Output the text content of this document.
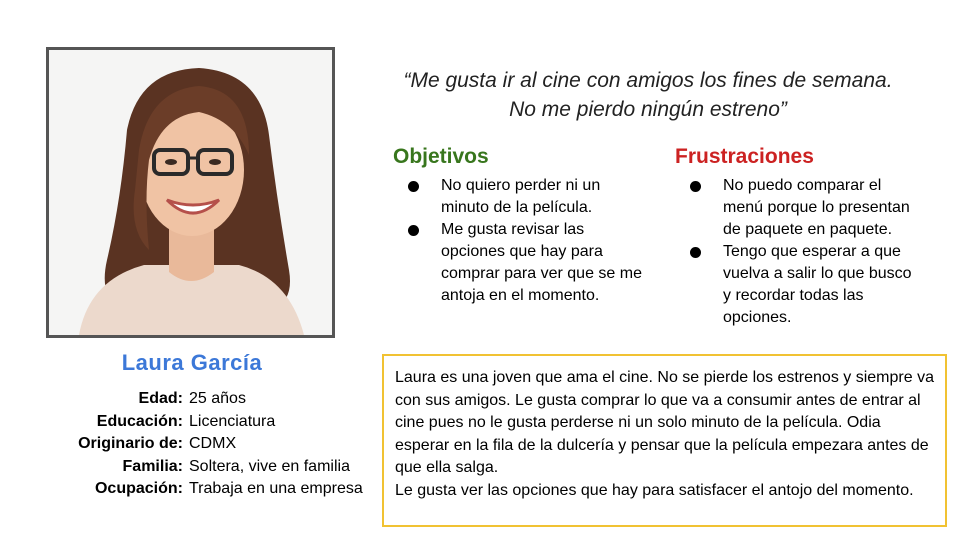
Laura García
Edad: 25 años
Educación: Licenciatura
Originario de: CDMX
Familia: Soltera, vive en familia
Ocupación: Trabaja en una empresa
“Me gusta ir al cine con amigos los fines de semana. No me pierdo ningún estreno”
Objetivos
No quiero perder ni un minuto de la película.
Me gusta revisar las opciones que hay para comprar para ver que se me antoja en el momento.
Frustraciones
No puedo comparar el menú porque lo presentan de paquete en paquete.
Tengo que esperar a que vuelva a salir lo que busco y recordar todas las opciones.

Laura es una joven que ama el cine. No se pierde los estrenos y siempre va con sus amigos. Le gusta comprar lo que va a consumir antes de entrar al cine pues no le gusta perderse ni un solo minuto de la película. Odia esperar en la fila de la dulcería y pensar que la película empezara antes de que ella salga.

Le gusta ver las opciones que hay para satisfacer el antojo del momento.
